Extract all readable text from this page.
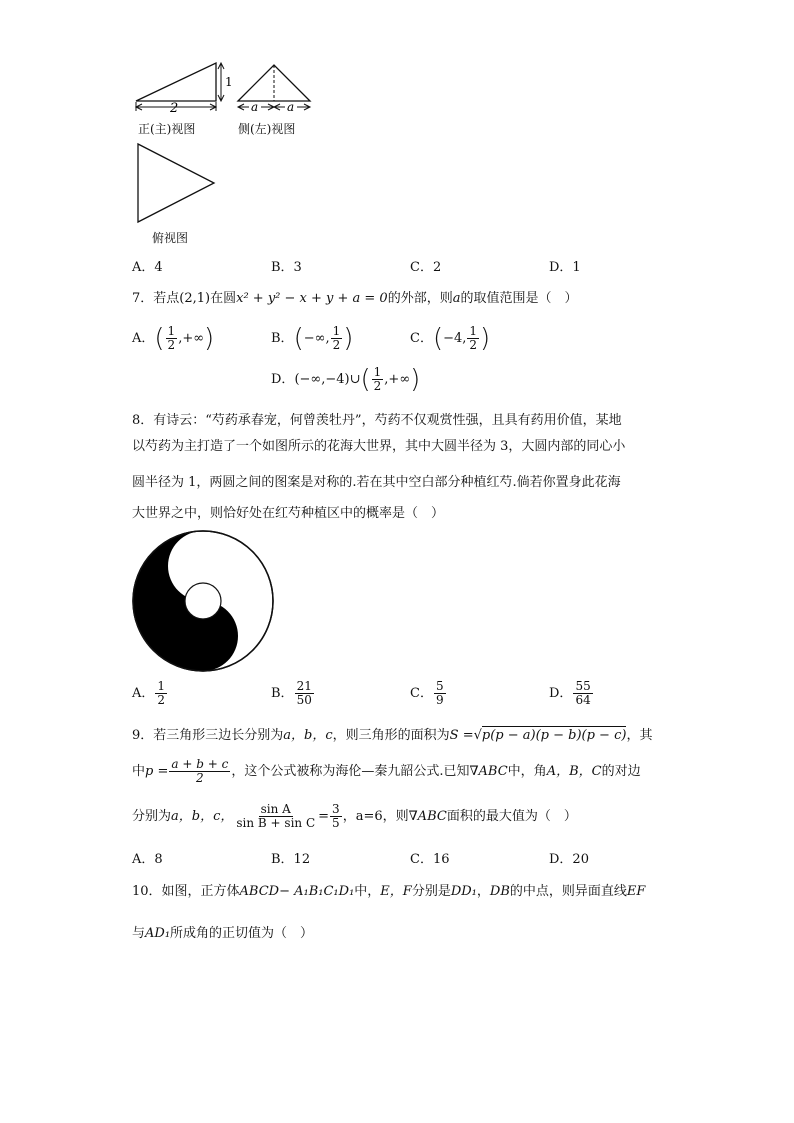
2
1
a a
正(主)视图	侧(左)视图
俯视图
A．4	B．3	C．2	D．1
7．若点(2,1)在圆x² + y² − x + y + a = 0的外部，则a的取值范围是（　）
A．( $\frac{1}{2}$ ,+∞)	B．(−∞, $\frac{1}{2}$ )	C．(−4, $\frac{1}{2}$ )
D．(−∞,−4)∪( $\frac{1}{2}$ ,+∞)
8．有诗云：“芍药承春宠，何曾羡牡丹”，芍药不仅观赏性强，且具有药用价值，某地
以芍药为主打造了一个如图所示的花海大世界，其中大圆半径为 3，大圆内部的同心小
圆半径为 1，两圆之间的图案是对称的.若在其中空白部分种植红芍.倘若你置身此花海
大世界之中，则恰好处在红芍种植区中的概率是（　）
A． $\frac{1}{2}$	B． $\frac{21}{50}$	C． $\frac{5}{9}$	D． $\frac{55}{64}$
9．若三角形三边长分别为a，b，c，则三角形的面积为S =√p(p − a)(p − b)(p − c)，其
中$p = \frac{a + b + c}{2}$ ，这个公式被称为海伦—秦九韶公式.已知∇ABC中，角A，B，C的对边
分别为a，b，c， $\frac{\text{sin A}}{\text{sin B + sin C}} = \frac{3}{5}$ ，a=6，则∇ABC面积的最大值为（　）
A．8	B．12	C．16	D．20
10．如图，正方体ABCD− A₁B₁C₁D₁中，E，F分别是DD₁，DB的中点，则异面直线EF
与AD₁所成角的正切值为（　）
